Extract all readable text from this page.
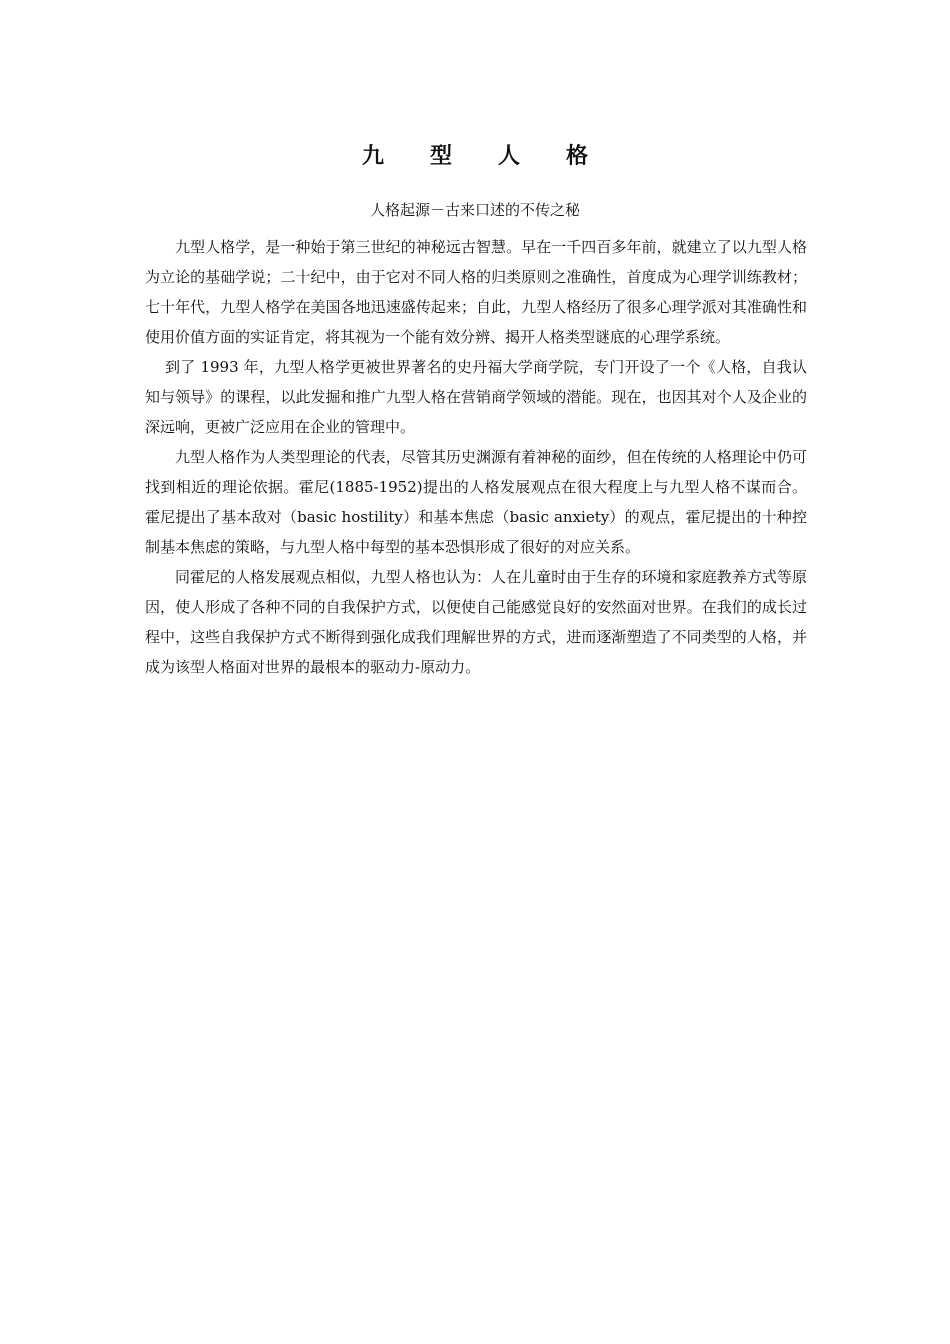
九 型 人 格
人格起源－古来口述的不传之秘

九型人格学，是一种始于第三世纪的神秘远古智慧。早在一千四百多年前，就建立了以九型人格为立论的基础学说；二十纪中，由于它对不同人格的归类原则之准确性，首度成为心理学训练教材；七十年代，九型人格学在美国各地迅速盛传起来；自此，九型人格经历了很多心理学派对其准确性和使用价值方面的实证肯定，将其视为一个能有效分辨、揭开人格类型谜底的心理学系统。

到了 1993 年，九型人格学更被世界著名的史丹福大学商学院，专门开设了一个《人格，自我认知与领导》的课程，以此发掘和推广九型人格在营销商学领域的潜能。现在，也因其对个人及企业的深远响，更被广泛应用在企业的管理中。

九型人格作为人类型理论的代表，尽管其历史渊源有着神秘的面纱，但在传统的人格理论中仍可找到相近的理论依据。霍尼(1885-1952)提出的人格发展观点在很大程度上与九型人格不谋而合。霍尼提出了基本敌对（basic hostility）和基本焦虑（basic anxiety）的观点，霍尼提出的十种控制基本焦虑的策略，与九型人格中每型的基本恐惧形成了很好的对应关系。

同霍尼的人格发展观点相似，九型人格也认为：人在儿童时由于生存的环境和家庭教养方式等原因，使人形成了各种不同的自我保护方式，以便使自己能感觉良好的安然面对世界。在我们的成长过程中，这些自我保护方式不断得到强化成我们理解世界的方式，进而逐渐塑造了不同类型的人格，并成为该型人格面对世界的最根本的驱动力-原动力。
